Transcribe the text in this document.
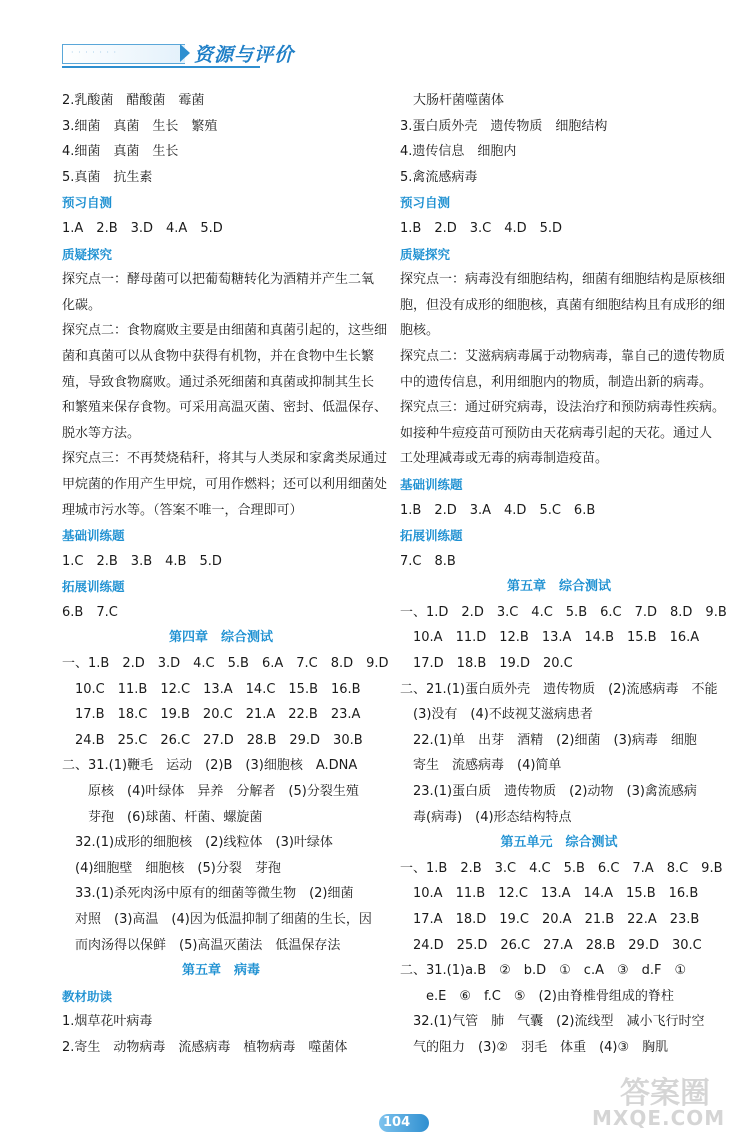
· · · · · · ·	资源与评价
2.乳酸菌　醋酸菌　霉菌
3.细菌　真菌　生长　繁殖
4.细菌　真菌　生长
5.真菌　抗生素
预习自测
1.A　2.B　3.D　4.A　5.D
质疑探究
探究点一：酵母菌可以把葡萄糖转化为酒精并产生二氧
化碳。
探究点二：食物腐败主要是由细菌和真菌引起的，这些细
菌和真菌可以从食物中获得有机物，并在食物中生长繁
殖，导致食物腐败。通过杀死细菌和真菌或抑制其生长
和繁殖来保存食物。可采用高温灭菌、密封、低温保存、
脱水等方法。
探究点三：不再焚烧秸秆，将其与人类尿和家禽类尿通过
甲烷菌的作用产生甲烷，可用作燃料；还可以利用细菌处
理城市污水等。（答案不唯一，合理即可）
基础训练题
1.C　2.B　3.B　4.B　5.D
拓展训练题
6.B　7.C
第四章　综合测试
一、1.B　2.D　3.D　4.C　5.B　6.A　7.C　8.D　9.D
　10.C　11.B　12.C　13.A　14.C　15.B　16.B
　17.B　18.C　19.B　20.C　21.A　22.B　23.A
　24.B　25.C　26.C　27.D　28.B　29.D　30.B
二、31.(1)鞭毛　运动　(2)B　(3)细胞核　A.DNA
　　原核　(4)叶绿体　异养　分解者　(5)分裂生殖
　　芽孢　(6)球菌、杆菌、螺旋菌
　32.(1)成形的细胞核　(2)线粒体　(3)叶绿体
　(4)细胞壁　细胞核　(5)分裂　芽孢
　33.(1)杀死肉汤中原有的细菌等微生物　(2)细菌
　对照　(3)高温　(4)因为低温抑制了细菌的生长，因
　而肉汤得以保鲜　(5)高温灭菌法　低温保存法
第五章　病毒
教材助读
1.烟草花叶病毒
2.寄生　动物病毒　流感病毒　植物病毒　噬菌体
　大肠杆菌噬菌体
3.蛋白质外壳　遗传物质　细胞结构
4.遗传信息　细胞内
5.禽流感病毒
预习自测
1.B　2.D　3.C　4.D　5.D
质疑探究
探究点一：病毒没有细胞结构，细菌有细胞结构是原核细
胞，但没有成形的细胞核，真菌有细胞结构且有成形的细
胞核。
探究点二：艾滋病病毒属于动物病毒，靠自己的遗传物质
中的遗传信息，利用细胞内的物质，制造出新的病毒。
探究点三：通过研究病毒，设法治疗和预防病毒性疾病。
如接种牛痘疫苗可预防由天花病毒引起的天花。通过人
工处理减毒或无毒的病毒制造疫苗。
基础训练题
1.B　2.D　3.A　4.D　5.C　6.B
拓展训练题
7.C　8.B
第五章　综合测试
一、1.D　2.D　3.C　4.C　5.B　6.C　7.D　8.D　9.B
　10.A　11.D　12.B　13.A　14.B　15.B　16.A
　17.D　18.B　19.D　20.C
二、21.(1)蛋白质外壳　遗传物质　(2)流感病毒　不能
　(3)没有　(4)不歧视艾滋病患者
　22.(1)单　出芽　酒精　(2)细菌　(3)病毒　细胞
　寄生　流感病毒　(4)简单
　23.(1)蛋白质　遗传物质　(2)动物　(3)禽流感病
　毒(病毒)　(4)形态结构特点
第五单元　综合测试
一、1.B　2.B　3.C　4.C　5.B　6.C　7.A　8.C　9.B
　10.A　11.B　12.C　13.A　14.A　15.B　16.B
　17.A　18.D　19.C　20.A　21.B　22.A　23.B
　24.D　25.D　26.C　27.A　28.B　29.D　30.C
二、31.(1)a.B　②　b.D　①　c.A　③　d.F　①
　　e.E　⑥　f.C　⑤　(2)由脊椎骨组成的脊柱
　32.(1)气管　肺　气囊　(2)流线型　减小飞行时空
　气的阻力　(3)②　羽毛　体重　(4)③　胸肌
104
答案圈
MXQE.COM
